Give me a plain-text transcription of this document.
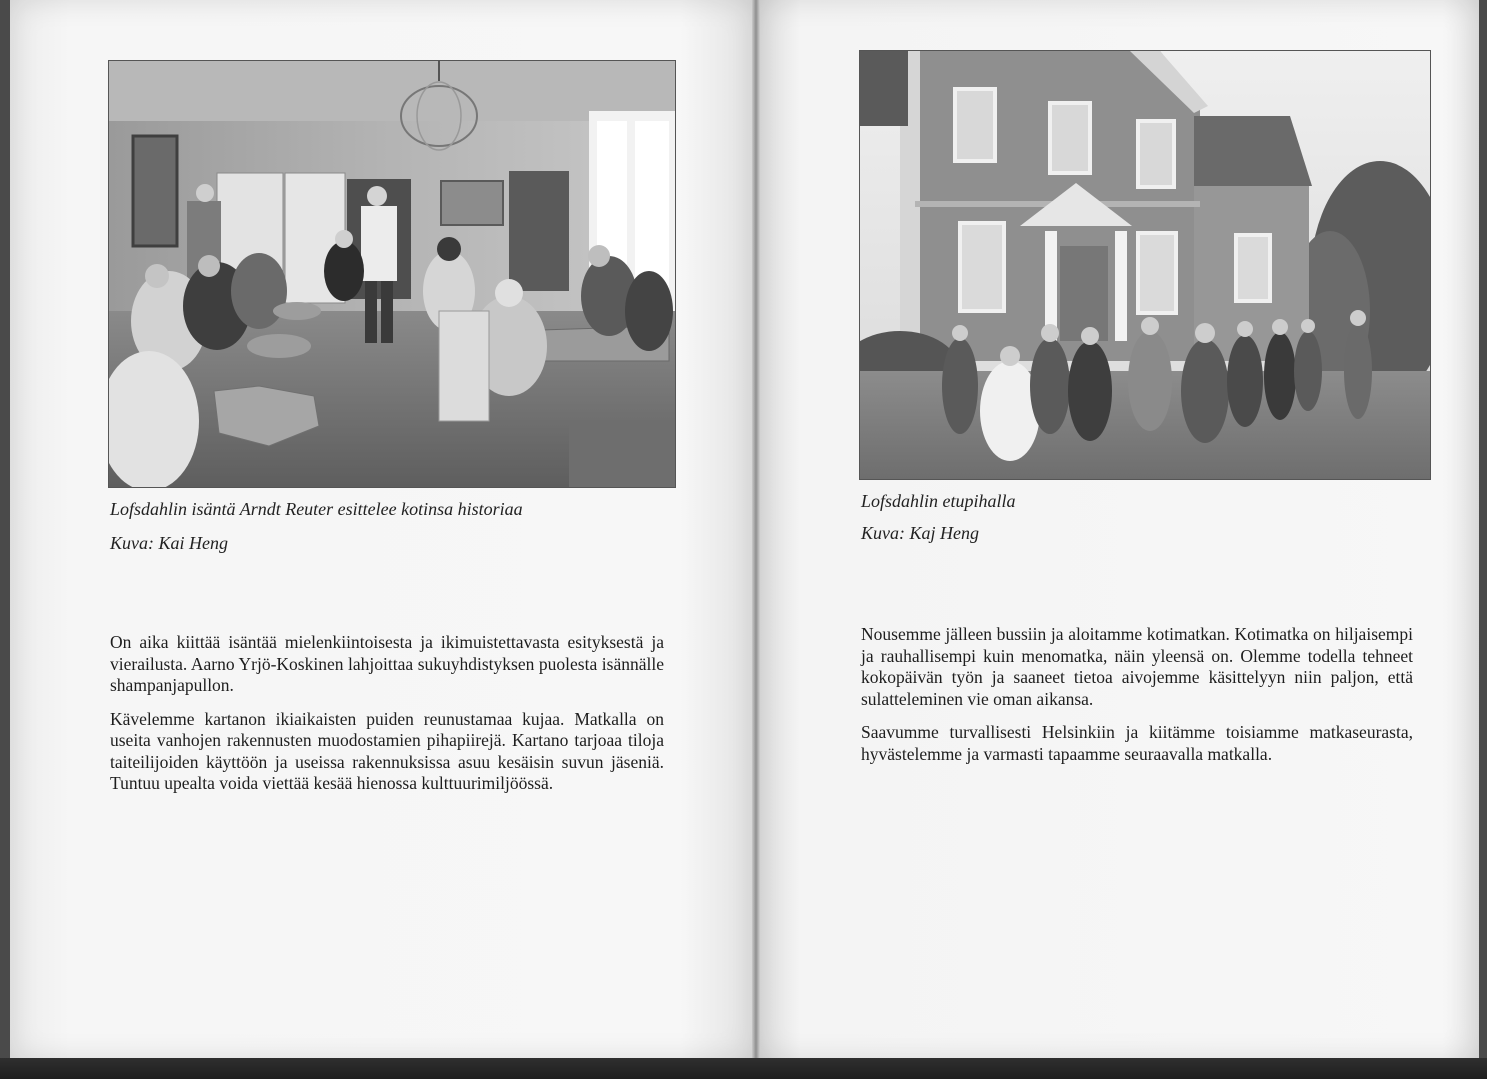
Lofsdahlin isäntä Arndt Reuter esittelee kotinsa historiaa
Kuva: Kai Heng

On aika kiittää isäntää mielenkiintoisesta ja ikimuistettavasta esityksestä ja vierailusta. Aarno Yrjö-Koskinen lahjoittaa sukuyhdistyksen puolesta isännälle shampanjapullon.

Kävelemme kartanon ikiaikaisten puiden reunustamaa kujaa. Matkalla on useita vanhojen rakennusten muodostamien pihapiirejä. Kartano tarjoaa tiloja taiteilijoiden käyttöön ja useissa rakennuksissa asuu kesäisin suvun jäseniä. Tuntuu upealta voida viettää kesää hienossa kulttuurimiljöössä.

Lofsdahlin etupihalla
Kuva: Kaj Heng

Nousemme jälleen bussiin ja aloitamme kotimatkan. Kotimatka on hiljaisempi ja rauhallisempi kuin menomatka, näin yleensä on. Olemme todella tehneet kokopäivän työn ja saaneet tietoa aivojemme käsittelyyn niin paljon, että sulatteleminen vie oman aikansa.

Saavumme turvallisesti Helsinkiin ja kiitämme toisiamme matkaseurasta, hyvästelemme ja varmasti tapaamme seuraavalla matkalla.
